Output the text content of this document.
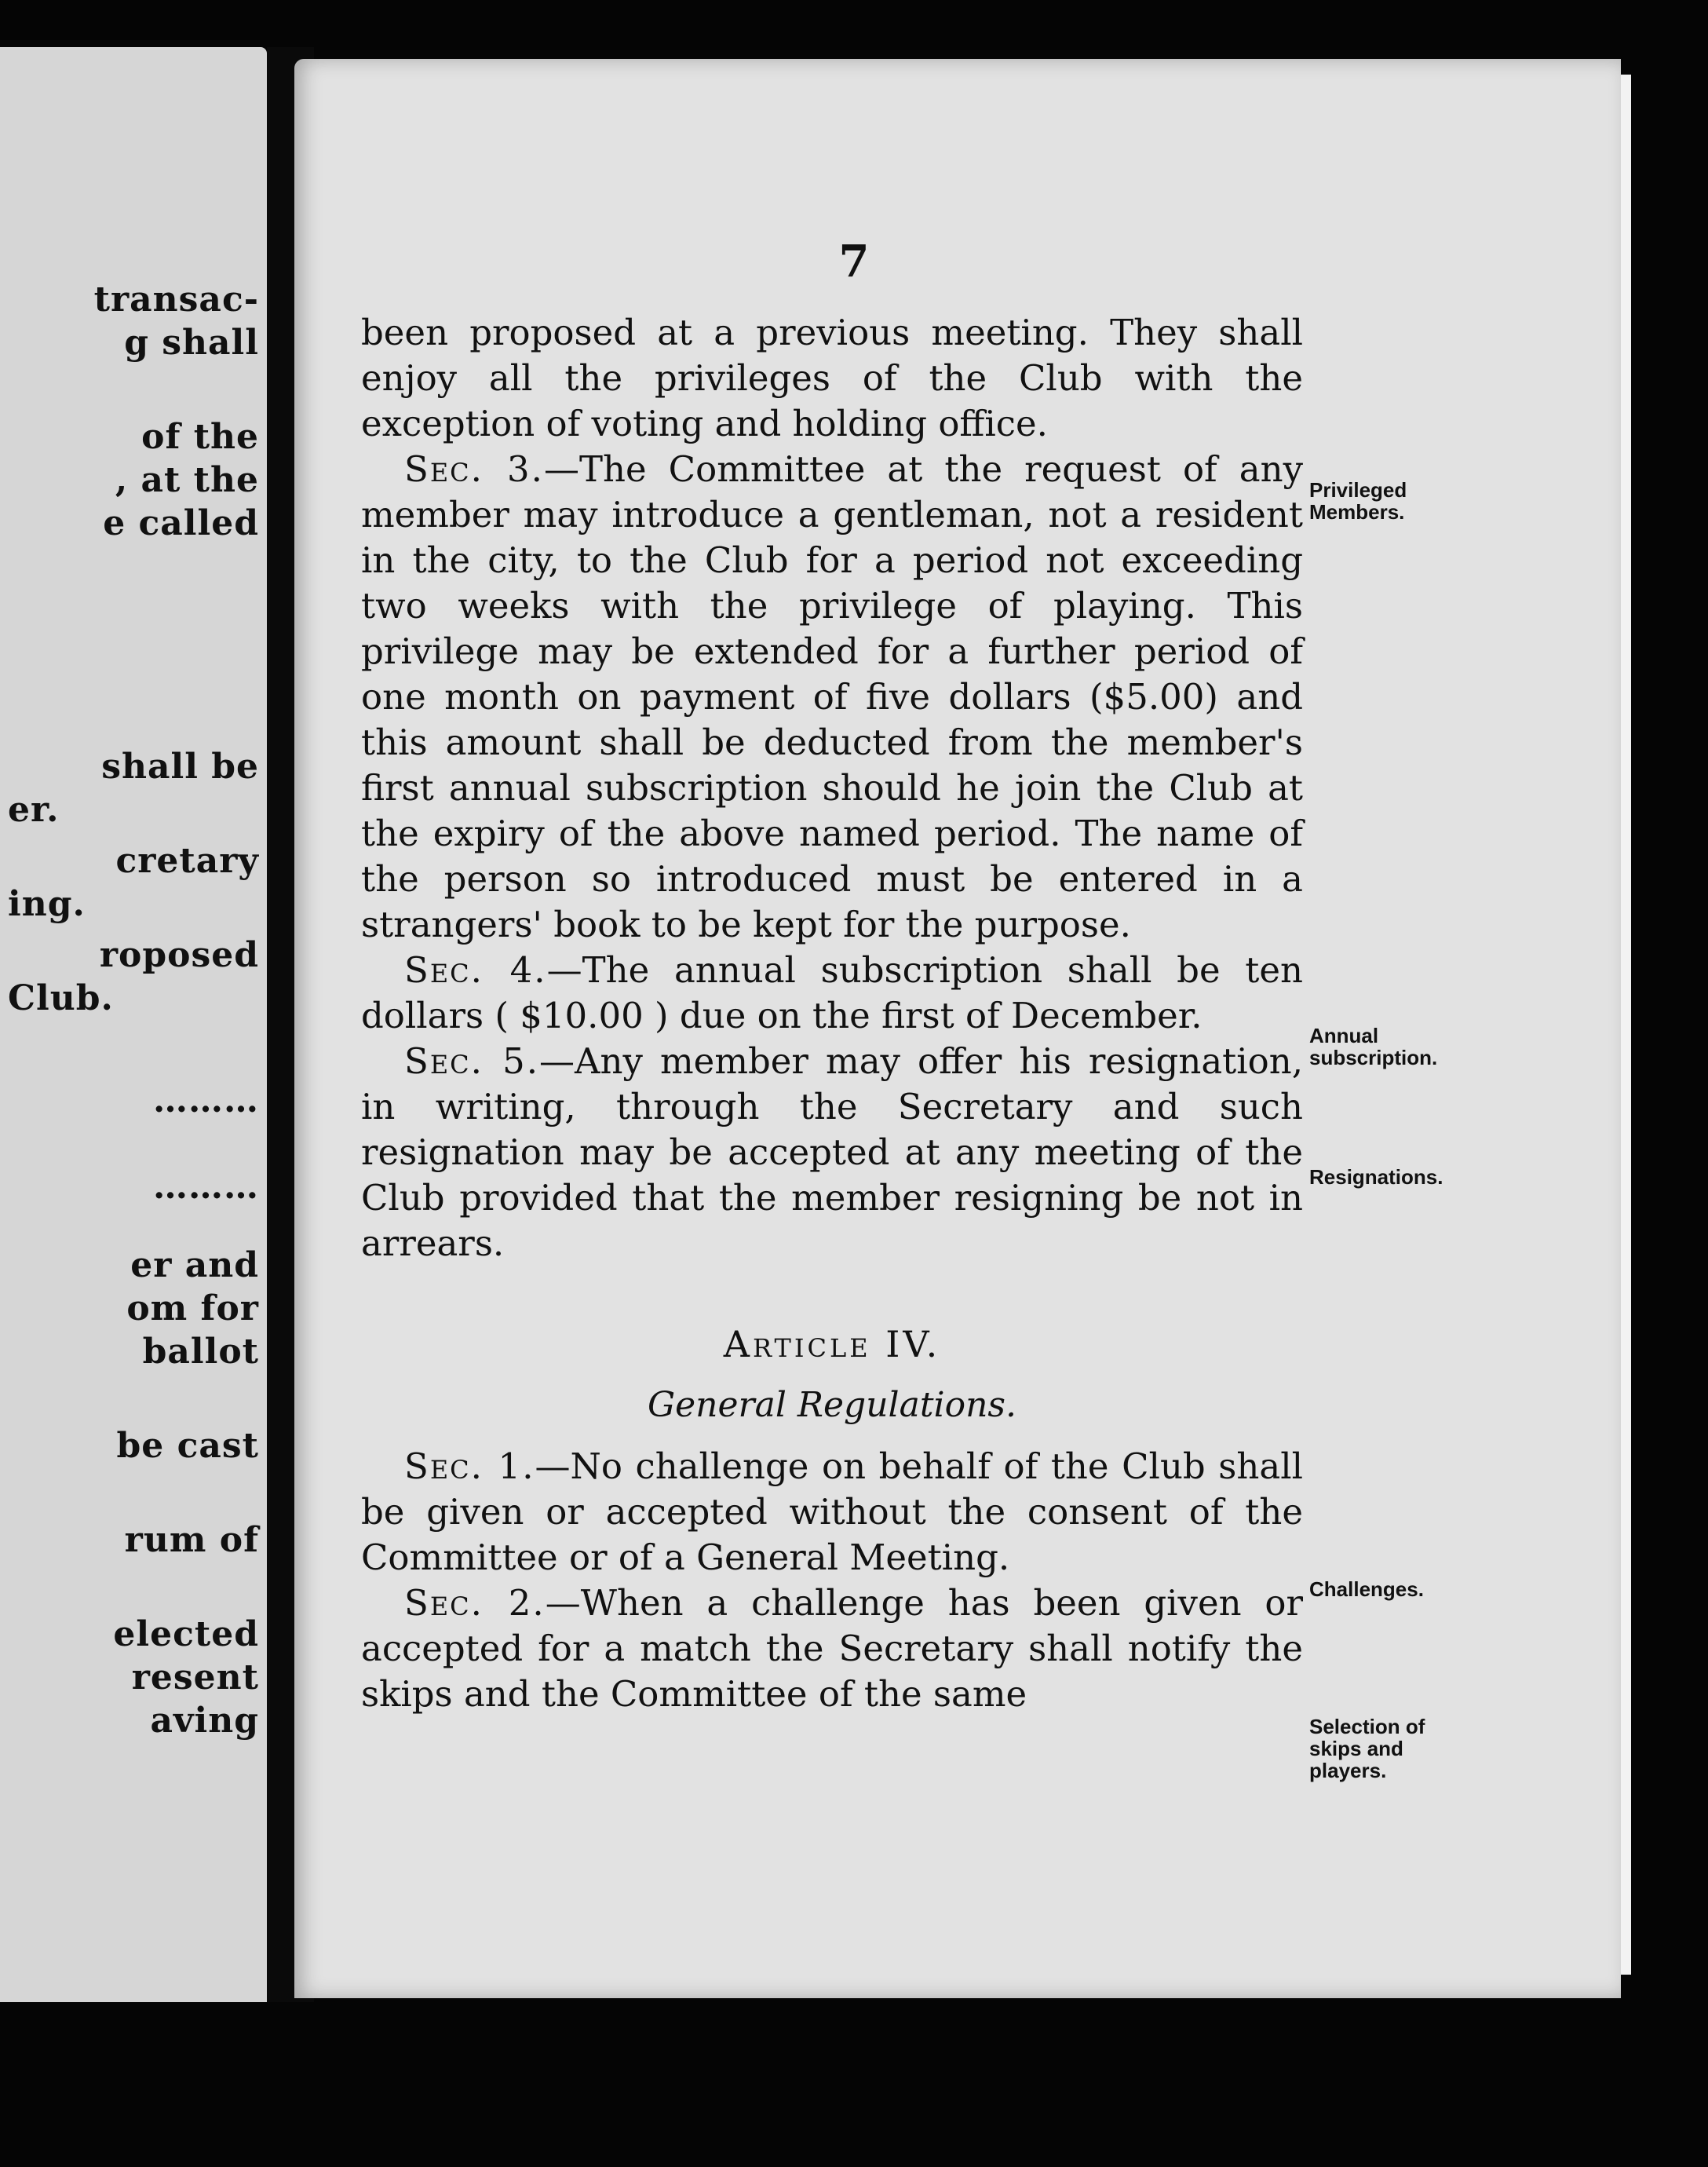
transac-
g shall
of the
, at the
e called
shall be
er.
cretary
ing.
roposed
Club.
………
………
er and
om for
ballot
be cast
rum of
elected
resent
aving
7

been proposed at a previous meeting. They shall enjoy all the privileges of the Club with the exception of voting and holding office.

Sec. 3.—The Committee at the request of any member may introduce a gentleman, not a resident in the city, to the Club for a period not exceeding two weeks with the privilege of playing. This privilege may be extended for a further period of one month on payment of five dollars ($5.00) and this amount shall be deducted from the member's first annual subscription should he join the Club at the expiry of the above named period. The name of the person so introduced must be entered in a strangers' book to be kept for the purpose.

Sec. 4.—The annual subscription shall be ten dollars ( $10.00 ) due on the first of December.

Sec. 5.—Any member may offer his resignation, in writing, through the Secretary and such resignation may be accepted at any meeting of the Club provided that the member resigning be not in arrears.

Article IV.
General Regulations.

Sec. 1.—No challenge on behalf of the Club shall be given or accepted without the consent of the Committee or of a General Meeting.

Sec. 2.—When a challenge has been given or accepted for a match the Secretary shall notify the skips and the Committee of the same

Privileged Members.
Annual subscription.
Resignations.
Challenges.
Selection of skips and players.
